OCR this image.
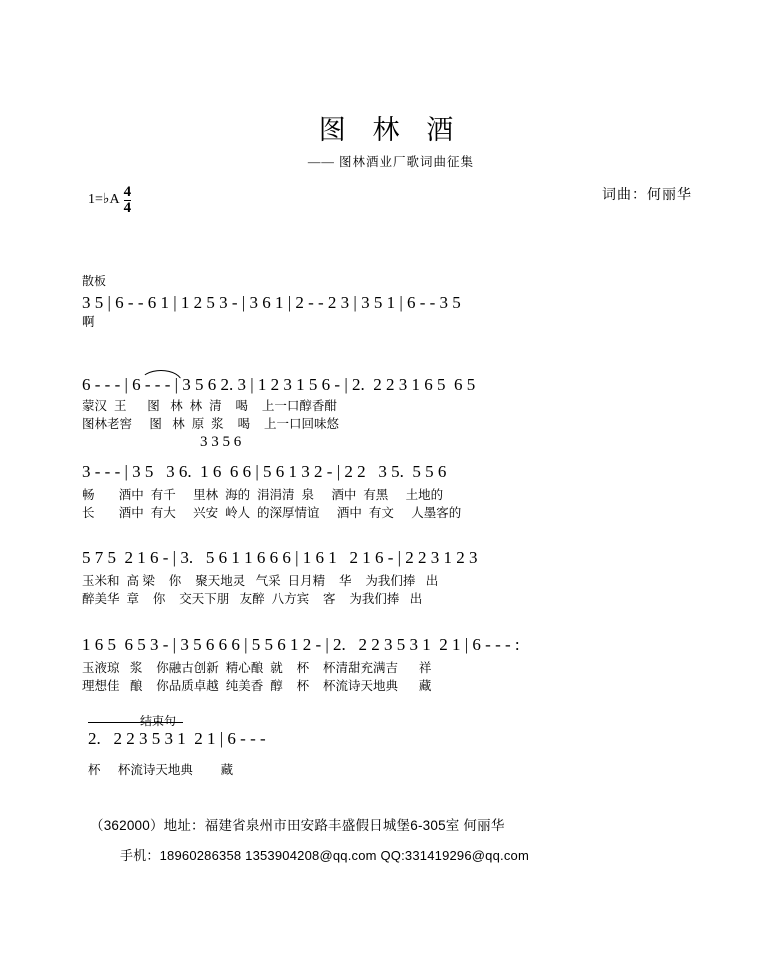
图 林 酒
—— 图林酒业厂歌词曲征集
词曲：何丽华
1=♭A 4
4
散板
3 5 | 6 - - 6 1 | 1 2 5 3 - | 3 6 1 | 2 - - 2 3 | 3 5 1 | 6 - - 3 5
啊
6 - - - | 6 - - - | 3 5 6 2. 3 | 1 2 3 1 5 6 - | 2.  2 2 3 1 6 5  6 5
蒙汉  王      图   林  林  清    喝    上一口醇香酣
图林老窖     图   林  原  浆    喝    上一口回味悠
3 3 5 6
3 - - - | 3 5   3 6.  1 6  6 6 | 5 6 1 3 2 - | 2 2   3 5.  5 5 6
畅       酒中  有千     里林  海的  涓涓清  泉     酒中  有黑     土地的
长       酒中  有大     兴安  岭人  的深厚情谊     酒中  有文     人墨客的
5 7 5  2 1 6 - | 3.   5 6 1 1 6 6 6 | 1 6 1   2 1 6 - | 2 2 3 1 2 3
玉米和  高 梁    你    聚天地灵   气采  日月精    华    为我们捧   出
醉美华  章    你    交天下朋   友醉  八方宾    客    为我们捧   出
1 6 5  6 5 3 - | 3 5 6 6 6 | 5 5 6 1 2 - | 2.   2 2 3 5 3 1  2 1 | 6 - - - :
玉液琼   浆    你融古创新  精心酿  就    杯    杯清甜充满吉      祥
理想佳   酿    你品质卓越  纯美香  醇    杯    杯流诗天地典      藏
结束句
2.   2 2 3 5 3 1  2 1 | 6 - - -
杯     杯流诗天地典        藏
（362000）地址：福建省泉州市田安路丰盛假日城堡6-305室 何丽华
手机：18960286358 1353904208@qq.com QQ:331419296@qq.com
